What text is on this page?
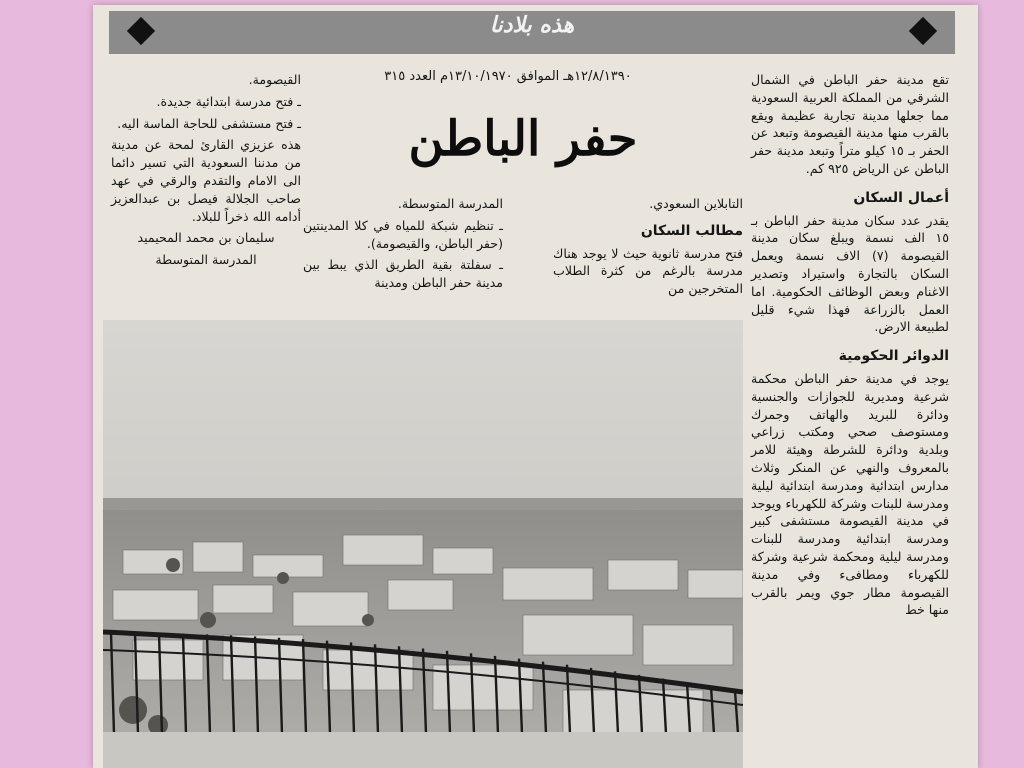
هذه بلادنا
١٢/٨/١٣٩٠هـ الموافق ١٣/١٠/١٩٧٠م العدد ٣١٥
حفر الباطن

تقع مدينة حفر الباطن في الشمال الشرقي من المملكة العربية السعودية مما جعلها مدينة تجارية عظيمة ويقع بالقرب منها مدينة القيصومة وتبعد عن الحفر بـ ١٥ كيلو متراً وتبعد مدينة حفر الباطن عن الرياض ٩٢٥ كم.

أعمال السكان

يقدر عدد سكان مدينة حفر الباطن بـ ١٥ الف نسمة ويبلغ سكان مدينة القيصومة (٧) الاف نسمة ويعمل السكان بالتجارة واستيراد وتصدير الاغنام وبعض الوظائف الحكومية. اما العمل بالزراعة فهذا شيء قليل لطبيعة الارض.

الدوائر الحكومية

يوجد في مدينة حفر الباطن محكمة شرعية ومديرية للجوازات والجنسية ودائرة للبريد والهاتف وجمرك ومستوصف صحي ومكتب زراعي وبلدية ودائرة للشرطة وهيئة للامر بالمعروف والنهي عن المنكر وثلاث مدارس ابتدائية ومدرسة ابتدائية ليلية ومدرسة للبنات وشركة للكهرباء ويوجد في مدينة القيصومة مستشفى كبير ومدرسة ابتدائية ومدرسة للبنات ومدرسة ليلية ومحكمة شرعية وشركة للكهرباء ومطافىء وفي مدينة القيصومة مطار جوي ويمر بالقرب منها خط

التابلاين السعودي.

مطالب السكان

فتح مدرسة ثانوية حيث لا يوجد هناك مدرسة بالرغم من كثرة الطلاب المتخرجين من

المدرسة المتوسطة.

ـ تنظيم شبكة للمياه في كلا المدينتين (حفر الباطن، والقيصومة).

ـ سفلتة بقية الطريق الذي يبط بين مدينة حفر الباطن ومدينة

القيصومة.

ـ فتح مدرسة ابتدائية جديدة.

ـ فتح مستشفى للحاجة الماسة اليه.

هذه عزيزي القارئ لمحة عن مدينة من مدننا السعودية التي تسير دائما الى الامام والتقدم والرقي في عهد صاحب الجلالة فيصل بن عبدالعزيز أدامه الله ذخراً للبلاد.

سليمان بن محمد المحيميد

المدرسة المتوسطة
